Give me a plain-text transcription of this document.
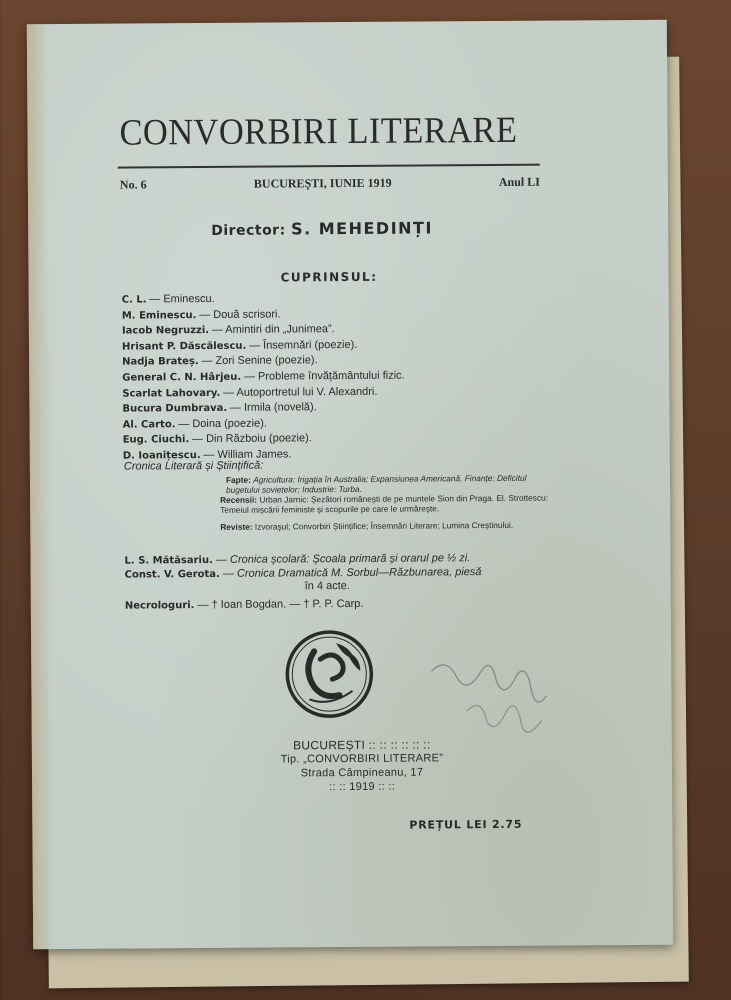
CONVORBIRI LITERARE
No. 6	BUCUREȘTI, IUNIE 1919	Anul LI
Director: S. MEHEDINȚI
CUPRINSUL:
C. L. — Eminescu.
M. Eminescu. — Două scrisori.
Iacob Negruzzi. — Amintiri din „Junimea”.
Hrisant P. Dăscălescu. — Însemnări (poezie).
Nadja Brateș. — Zori Senine (poezie).
General C. N. Hârjeu. — Probleme învățământului fizic.
Scarlat Lahovary. — Autoportretul lui V. Alexandri.
Bucura Dumbrava. — Irmila (novelă).
Al. Carto. — Doina (poezie).
Eug. Ciuchi. — Din Războiu (poezie).
D. Ioanițescu. — William James.
Cronica Literară și Științifică:
Fapte: Agricultura: Irigația în Australia; Expansiunea Americană. Finanțe: Deficitul bugetului sovietelor; Industrie: Turba.
Recensii: Urban Jarnic: Șezători românești de pe muntele Sion din Praga. El. Strottescu: Temeiul mișcării feministe și scopurile pe care le urmărește.
Reviste: Izvoraşul; Convorbiri Științifice; Însemnări Literare; Lumina Creștinului.
L. S. Mătăsariu. — Cronica școlară: Școala primară și orarul pe ½ zi.
Const. V. Gerota. — Cronica Dramatică M. Sorbul—Răzbunarea, piesă
în 4 acte.
Necrologuri. — † Ioan Bogdan. — † P. P. Carp.
BUCUREȘTI :: :: :: :: :: ::
Tip. „CONVORBIRI LITERARE”
Strada Câmpineanu, 17
:: :: 1919 :: ::
PREȚUL LEI 2.75
